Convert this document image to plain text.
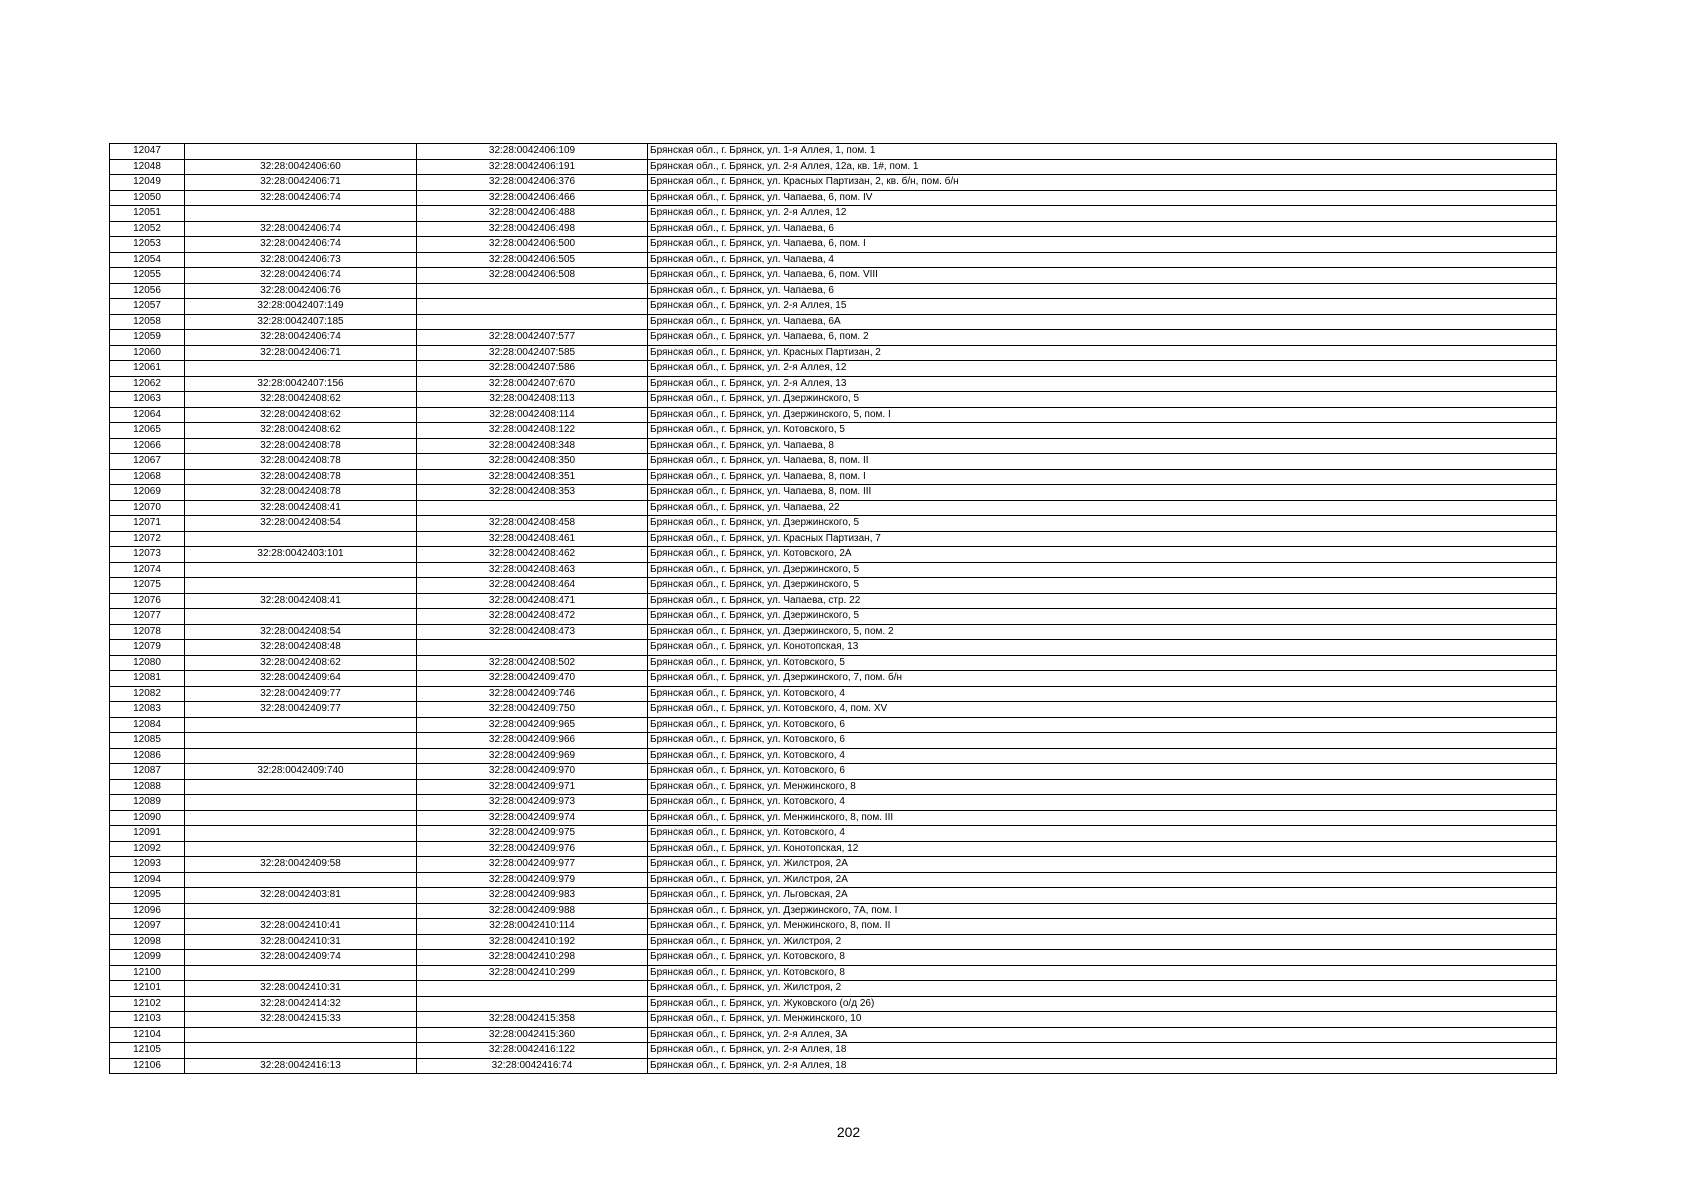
12047		32:28:0042406:109	Брянская обл., г. Брянск, ул. 1-я Аллея, 1, пом. 1
12048	32:28:0042406:60	32:28:0042406:191	Брянская обл., г. Брянск, ул. 2-я Аллея, 12а, кв. 1#, пом. 1
12049	32:28:0042406:71	32:28:0042406:376	Брянская обл., г. Брянск, ул. Красных Партизан, 2, кв. б/н, пом. б/н
12050	32:28:0042406:74	32:28:0042406:466	Брянская обл., г. Брянск, ул. Чапаева, 6, пом. IV
12051		32:28:0042406:488	Брянская обл., г. Брянск, ул. 2-я Аллея, 12
12052	32:28:0042406:74	32:28:0042406:498	Брянская обл., г. Брянск, ул. Чапаева, 6
12053	32:28:0042406:74	32:28:0042406:500	Брянская обл., г. Брянск, ул. Чапаева, 6, пом. I
12054	32:28:0042406:73	32:28:0042406:505	Брянская обл., г. Брянск, ул. Чапаева, 4
12055	32:28:0042406:74	32:28:0042406:508	Брянская обл., г. Брянск, ул. Чапаева, 6, пом. VIII
12056	32:28:0042406:76		Брянская обл., г. Брянск, ул. Чапаева, 6
12057	32:28:0042407:149		Брянская обл., г. Брянск, ул. 2-я Аллея, 15
12058	32:28:0042407:185		Брянская обл., г. Брянск, ул. Чапаева, 6А
12059	32:28:0042406:74	32:28:0042407:577	Брянская обл., г. Брянск, ул. Чапаева, 6, пом. 2
12060	32:28:0042406:71	32:28:0042407:585	Брянская обл., г. Брянск, ул. Красных Партизан, 2
12061		32:28:0042407:586	Брянская обл., г. Брянск, ул. 2-я Аллея, 12
12062	32:28:0042407:156	32:28:0042407:670	Брянская обл., г. Брянск, ул. 2-я Аллея, 13
12063	32:28:0042408:62	32:28:0042408:113	Брянская обл., г. Брянск, ул. Дзержинского, 5
12064	32:28:0042408:62	32:28:0042408:114	Брянская обл., г. Брянск, ул. Дзержинского, 5, пом. I
12065	32:28:0042408:62	32:28:0042408:122	Брянская обл., г. Брянск, ул. Котовского, 5
12066	32:28:0042408:78	32:28:0042408:348	Брянская обл., г. Брянск, ул. Чапаева, 8
12067	32:28:0042408:78	32:28:0042408:350	Брянская обл., г. Брянск, ул. Чапаева, 8, пом. II
12068	32:28:0042408:78	32:28:0042408:351	Брянская обл., г. Брянск, ул. Чапаева, 8, пом. I
12069	32:28:0042408:78	32:28:0042408:353	Брянская обл., г. Брянск, ул. Чапаева, 8, пом. III
12070	32:28:0042408:41		Брянская обл., г. Брянск, ул. Чапаева, 22
12071	32:28:0042408:54	32:28:0042408:458	Брянская обл., г. Брянск, ул. Дзержинского, 5
12072		32:28:0042408:461	Брянская обл., г. Брянск, ул. Красных Партизан, 7
12073	32:28:0042403:101	32:28:0042408:462	Брянская обл., г. Брянск, ул. Котовского, 2А
12074		32:28:0042408:463	Брянская обл., г. Брянск, ул. Дзержинского, 5
12075		32:28:0042408:464	Брянская обл., г. Брянск, ул. Дзержинского, 5
12076	32:28:0042408:41	32:28:0042408:471	Брянская обл., г. Брянск, ул. Чапаева, стр. 22
12077		32:28:0042408:472	Брянская обл., г. Брянск, ул. Дзержинского, 5
12078	32:28:0042408:54	32:28:0042408:473	Брянская обл., г. Брянск, ул. Дзержинского, 5, пом. 2
12079	32:28:0042408:48		Брянская обл., г. Брянск, ул. Конотопская, 13
12080	32:28:0042408:62	32:28:0042408:502	Брянская обл., г. Брянск, ул. Котовского, 5
12081	32:28:0042409:64	32:28:0042409:470	Брянская обл., г. Брянск, ул. Дзержинского, 7, пом. б/н
12082	32:28:0042409:77	32:28:0042409:746	Брянская обл., г. Брянск, ул. Котовского, 4
12083	32:28:0042409:77	32:28:0042409:750	Брянская обл., г. Брянск, ул. Котовского, 4, пом. XV
12084		32:28:0042409:965	Брянская обл., г. Брянск, ул. Котовского, 6
12085		32:28:0042409:966	Брянская обл., г. Брянск, ул. Котовского, 6
12086		32:28:0042409:969	Брянская обл., г. Брянск, ул. Котовского, 4
12087	32:28:0042409:740	32:28:0042409:970	Брянская обл., г. Брянск, ул. Котовского, 6
12088		32:28:0042409:971	Брянская обл., г. Брянск, ул. Менжинского, 8
12089		32:28:0042409:973	Брянская обл., г. Брянск, ул. Котовского, 4
12090		32:28:0042409:974	Брянская обл., г. Брянск, ул. Менжинского, 8, пом. III
12091		32:28:0042409:975	Брянская обл., г. Брянск, ул. Котовского, 4
12092		32:28:0042409:976	Брянская обл., г. Брянск, ул. Конотопская, 12
12093	32:28:0042409:58	32:28:0042409:977	Брянская обл., г. Брянск, ул. Жилстроя, 2А
12094		32:28:0042409:979	Брянская обл., г. Брянск, ул. Жилстроя, 2А
12095	32:28:0042403:81	32:28:0042409:983	Брянская обл., г. Брянск, ул. Льговская, 2А
12096		32:28:0042409:988	Брянская обл., г. Брянск, ул. Дзержинского, 7А, пом. I
12097	32:28:0042410:41	32:28:0042410:114	Брянская обл., г. Брянск, ул. Менжинского, 8, пом. II
12098	32:28:0042410:31	32:28:0042410:192	Брянская обл., г. Брянск, ул. Жилстроя, 2
12099	32:28:0042409:74	32:28:0042410:298	Брянская обл., г. Брянск, ул. Котовского, 8
12100		32:28:0042410:299	Брянская обл., г. Брянск, ул. Котовского, 8
12101	32:28:0042410:31		Брянская обл., г. Брянск, ул. Жилстроя, 2
12102	32:28:0042414:32		Брянская обл., г. Брянск, ул. Жуковского (о/д 26)
12103	32:28:0042415:33	32:28:0042415:358	Брянская обл., г. Брянск, ул. Менжинского, 10
12104		32:28:0042415:360	Брянская обл., г. Брянск, ул. 2-я Аллея, 3А
12105		32:28:0042416:122	Брянская обл., г. Брянск, ул. 2-я Аллея, 18
12106	32:28:0042416:13	32:28:0042416:74	Брянская обл., г. Брянск, ул. 2-я Аллея, 18
202
